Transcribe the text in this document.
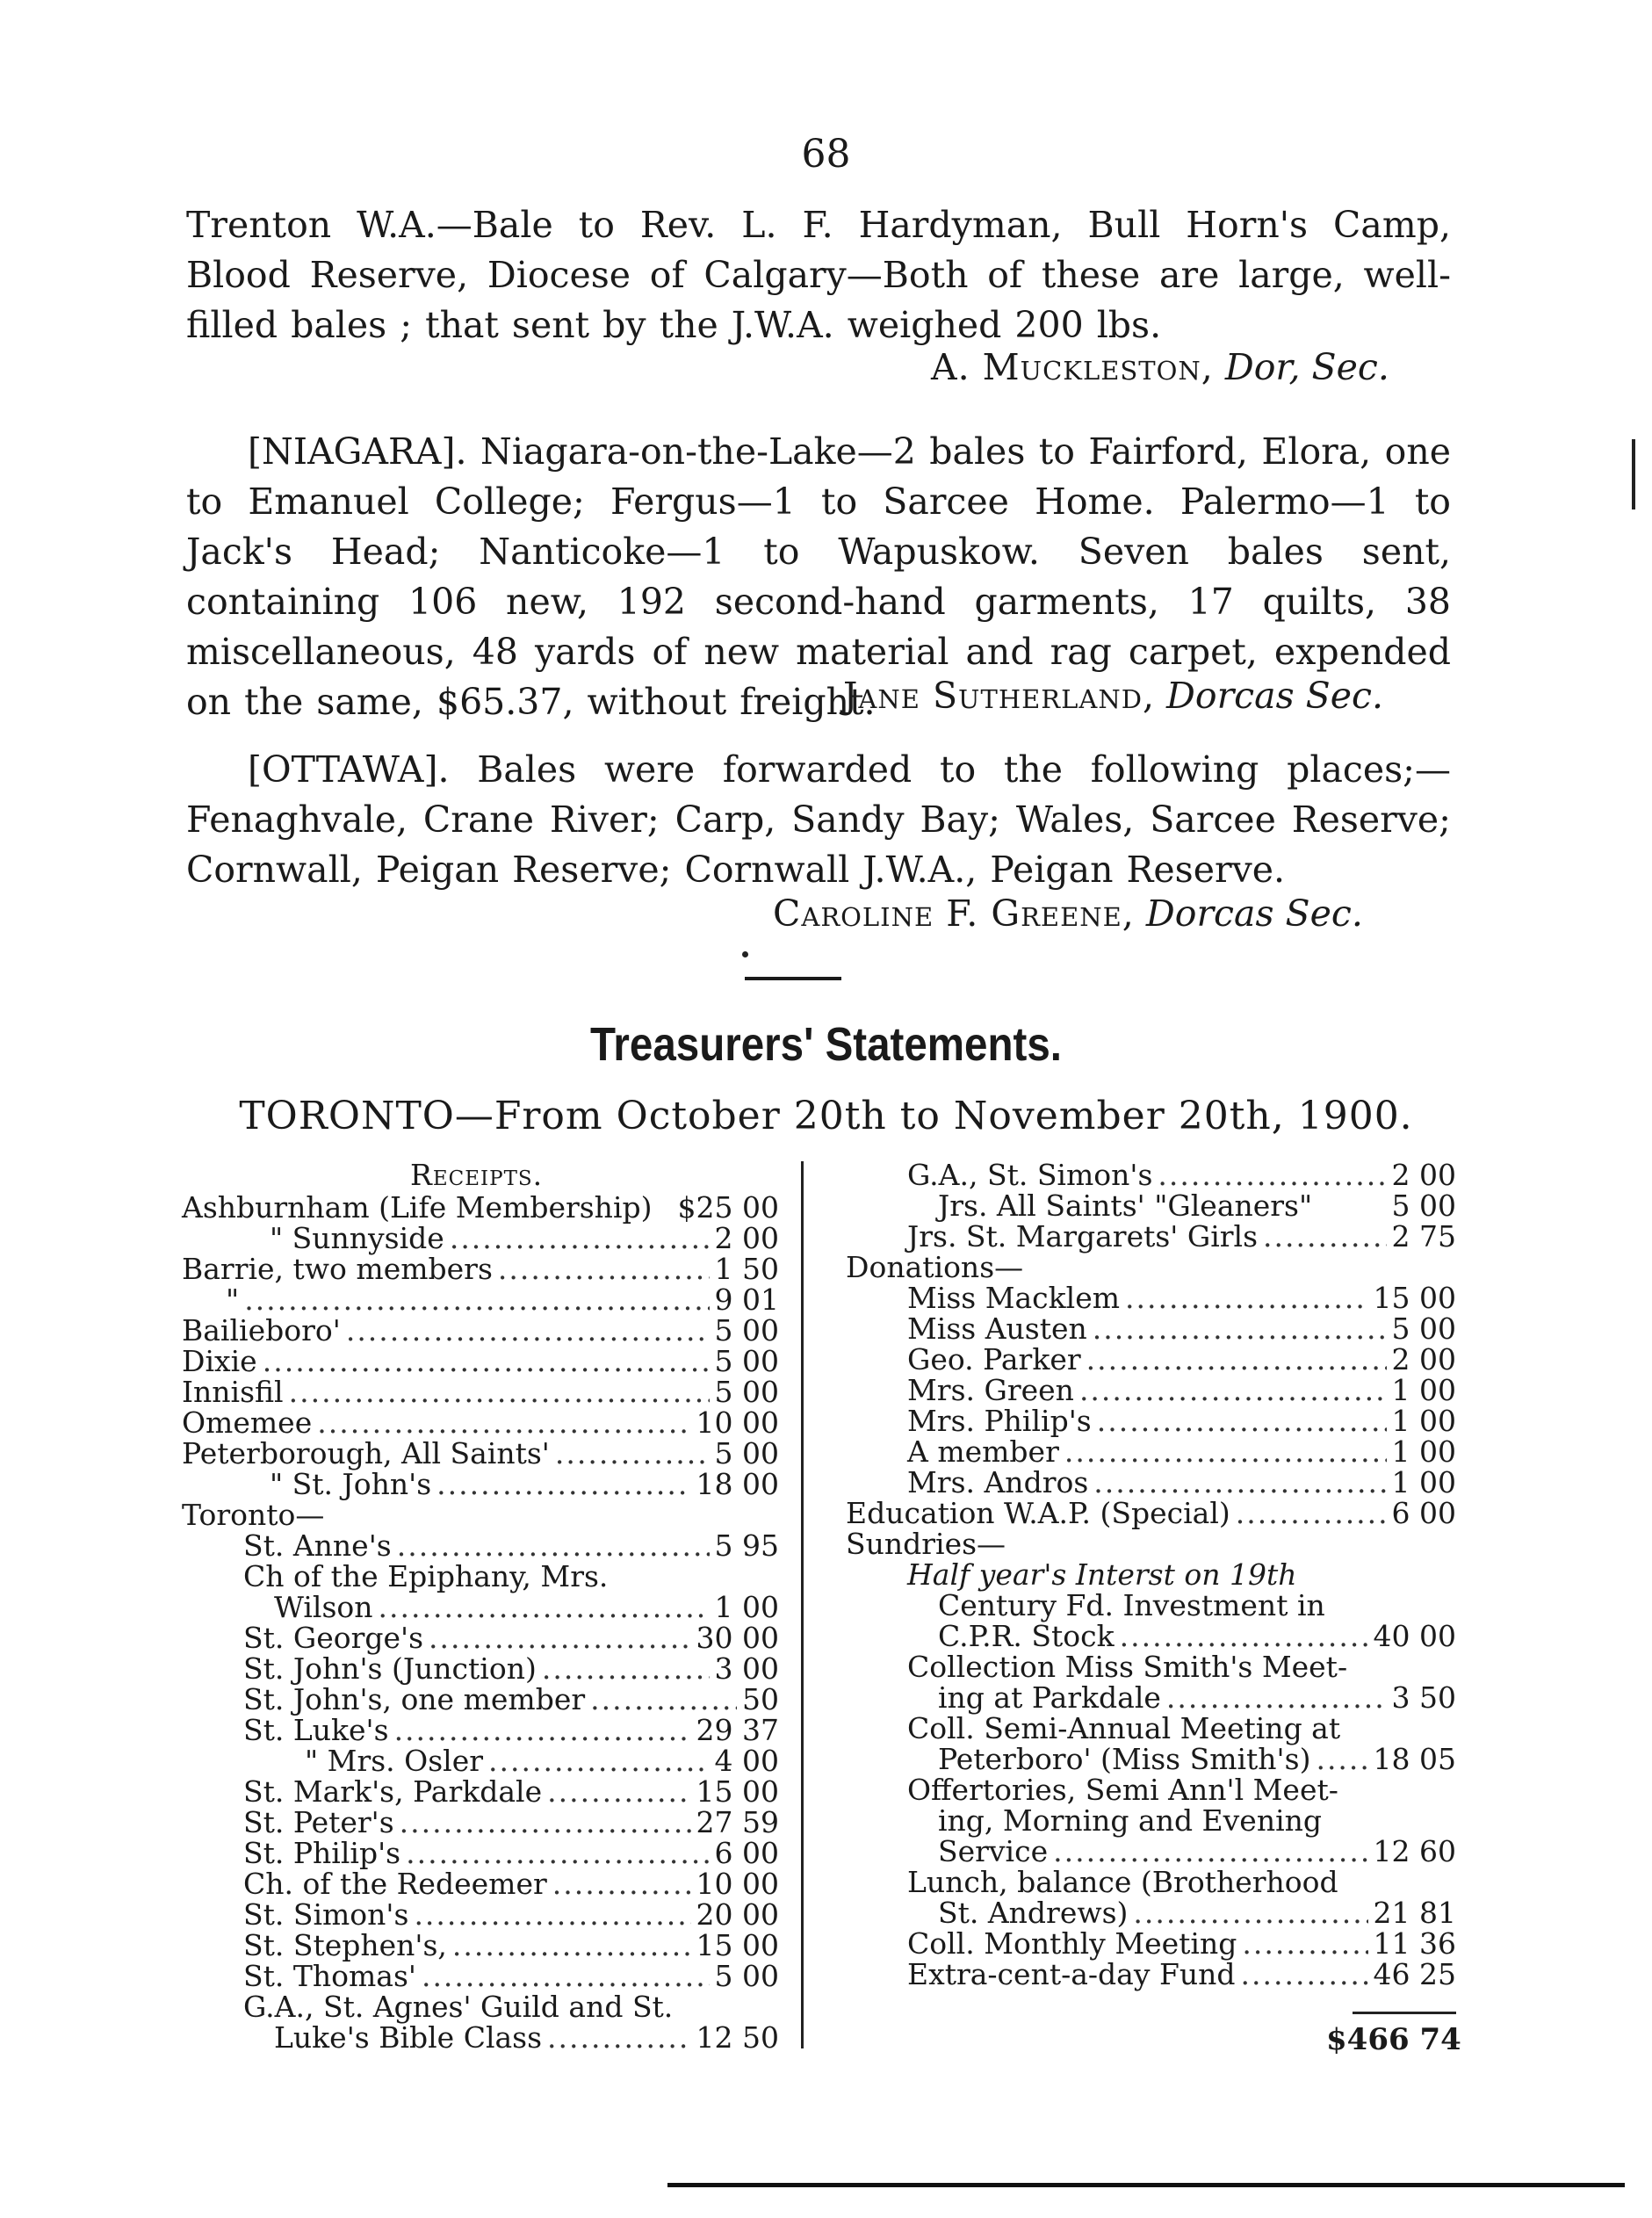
68
Trenton W.A.—Bale to Rev. L. F. Hardyman, Bull Horn's Camp, Blood Reserve, Diocese of Calgary—Both of these are large, well-filled bales ; that sent by the J.W.A. weighed 200 lbs.
A. Muckleston, Dor, Sec.
[NIAGARA]. Niagara-on-the-Lake—2 bales to Fairford, Elora, one to Emanuel College; Fergus—1 to Sarcee Home. Palermo—1 to Jack's Head; Nanticoke—1 to Wapuskow. Seven bales sent, containing 106 new, 192 second-hand garments, 17 quilts, 38 miscellaneous, 48 yards of new material and rag carpet, expended on the same, $65.37, without freight.
Jane Sutherland, Dorcas Sec.
[OTTAWA]. Bales were forwarded to the following places;—Fenaghvale, Crane River; Carp, Sandy Bay; Wales, Sarcee Reserve; Cornwall, Peigan Reserve; Cornwall J.W.A., Peigan Reserve.
Caroline F. Greene, Dorcas Sec.
Treasurers' Statements.
TORONTO—From October 20th to November 20th, 1900.
Receipts.
Ashburnham (Life Membership) $25 00
" Sunnyside .....	2 00
Barrie, two members .....	1 50
" .....	9 01
Bailieboro' .....	5 00
Dixie .....	5 00
Innisfil .....	5 00
Omemee .....	10 00
Peterborough, All Saints' .....	5 00
" St. John's .....	18 00
Toronto—
St. Anne's .....	5 95
Ch of the Epiphany, Mrs.
Wilson .....	1 00
St. George's .....	30 00
St. John's (Junction) .....	3 00
St. John's, one member .....	50
St. Luke's .....	29 37
" Mrs. Osler .....	4 00
St. Mark's, Parkdale .....	15 00
St. Peter's .....	27 59
St. Philip's .....	6 00
Ch. of the Redeemer .....	10 00
St. Simon's .....	20 00
St. Stephen's, .....	15 00
St. Thomas' .....	5 00
G.A., St. Agnes' Guild and St.
Luke's Bible Class .....	12 50
G.A., St. Simon's .....	2 00
Jrs. All Saints' "Gleaners"	5 00
Jrs. St. Margarets' Girls .....	2 75
Donations—
Miss Macklem .....	15 00
Miss Austen .....	5 00
Geo. Parker .....	2 00
Mrs. Green .....	1 00
Mrs. Philip's .....	1 00
A member .....	1 00
Mrs. Andros .....	1 00
Education W.A.P. (Special) .....	6 00
Sundries—
Half year's Interst on 19th
Century Fd. Investment in
C.P.R. Stock .....	40 00
Collection Miss Smith's Meet-
ing at Parkdale .....	3 50
Coll. Semi-Annual Meeting at
Peterboro' (Miss Smith's) ..... 18 05
Offertories, Semi Ann'l Meet-
ing, Morning and Evening
Service .....	12 60
Lunch, balance (Brotherhood
St. Andrews) .....	21 81
Coll. Monthly Meeting .....	11 36
Extra-cent-a-day Fund .....	46 25
$466 74
